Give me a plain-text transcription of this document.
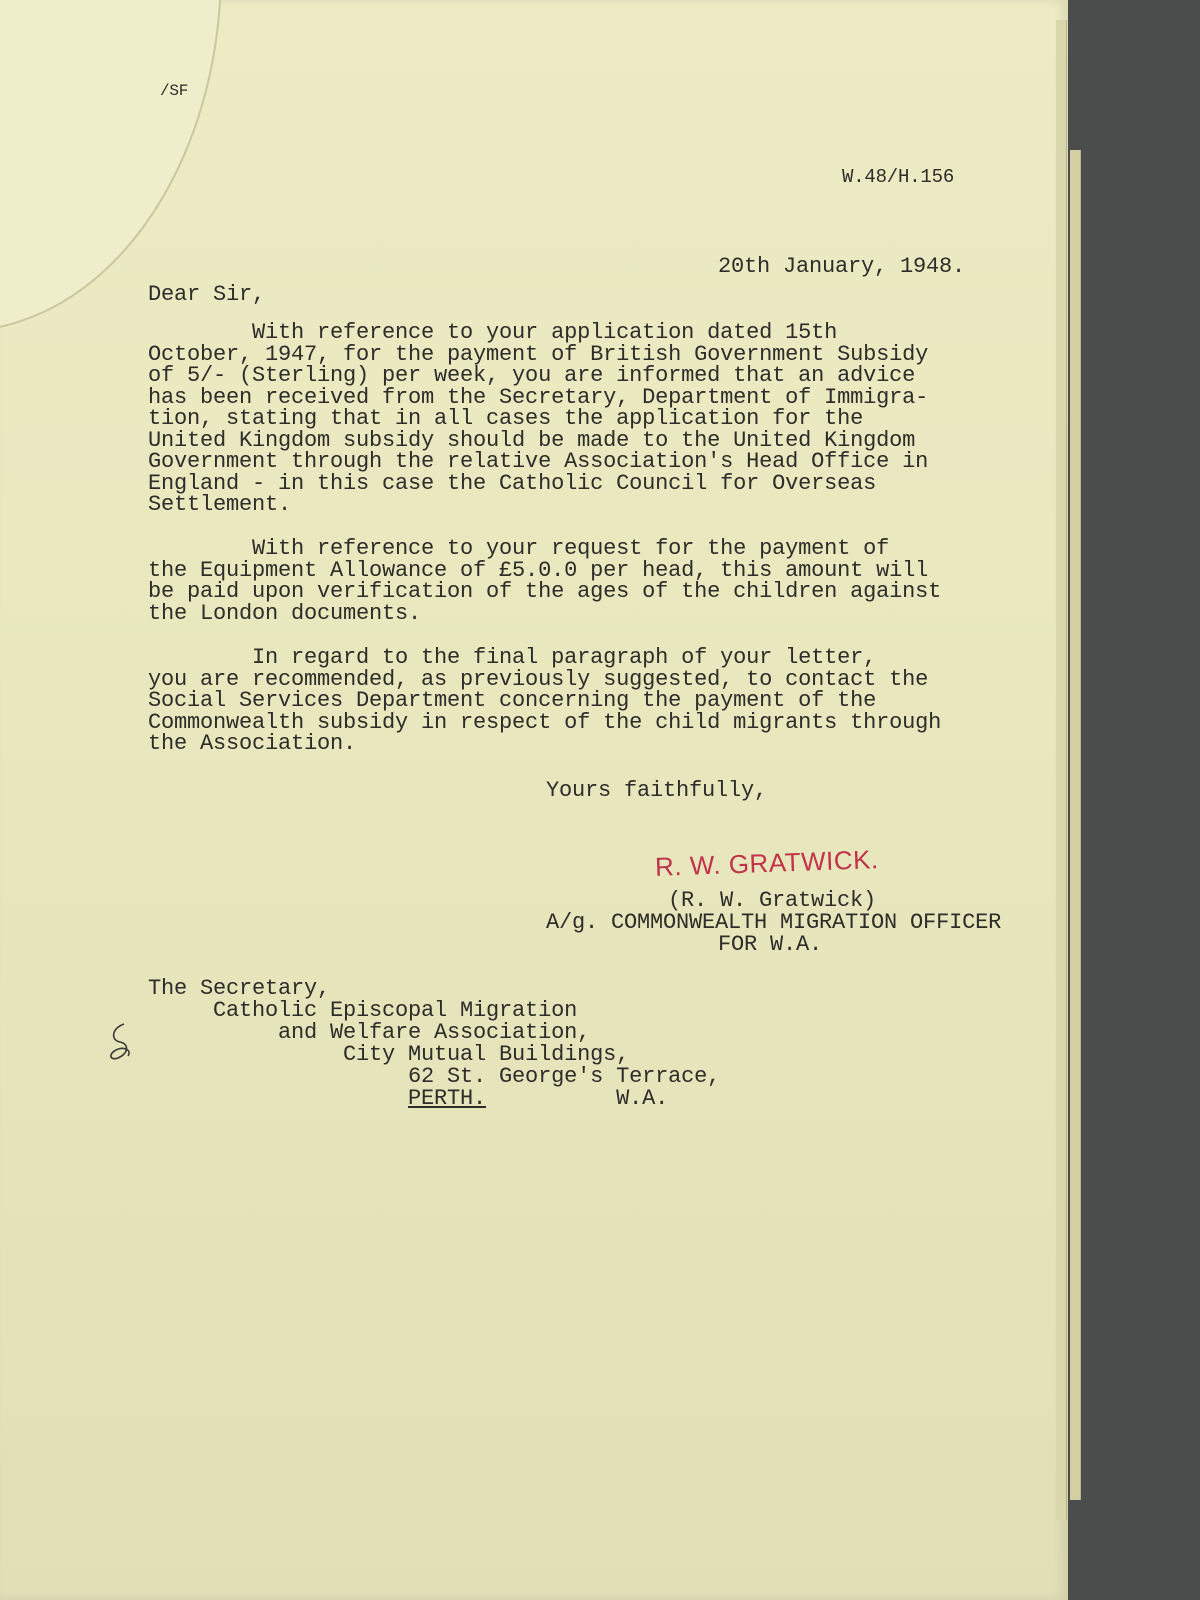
/SF
W.48/H.156
20th January, 1948.
Dear Sir,
With reference to your application dated 15th
October, 1947, for the payment of British Government Subsidy
of 5/- (Sterling) per week, you are informed that an advice
has been received from the Secretary, Department of Immigra-
tion, stating that in all cases the application for the
United Kingdom subsidy should be made to the United Kingdom
Government through the relative Association's Head Office in
England - in this case the Catholic Council for Overseas
Settlement.
With reference to your request for the payment of
the Equipment Allowance of £5.0.0 per head, this amount will
be paid upon verification of the ages of the children against
the London documents.
In regard to the final paragraph of your letter,
you are recommended, as previously suggested, to contact the
Social Services Department concerning the payment of the
Commonwealth subsidy in respect of the child migrants through
the Association.
Yours faithfully,
R. W. GRATWICK.
(R. W. Gratwick)
A/g. COMMONWEALTH MIGRATION OFFICER
FOR W.A.
The Secretary,
Catholic Episcopal Migration
and Welfare Association,
City Mutual Buildings,
62 St. George's Terrace,
PERTH.	W.A.
